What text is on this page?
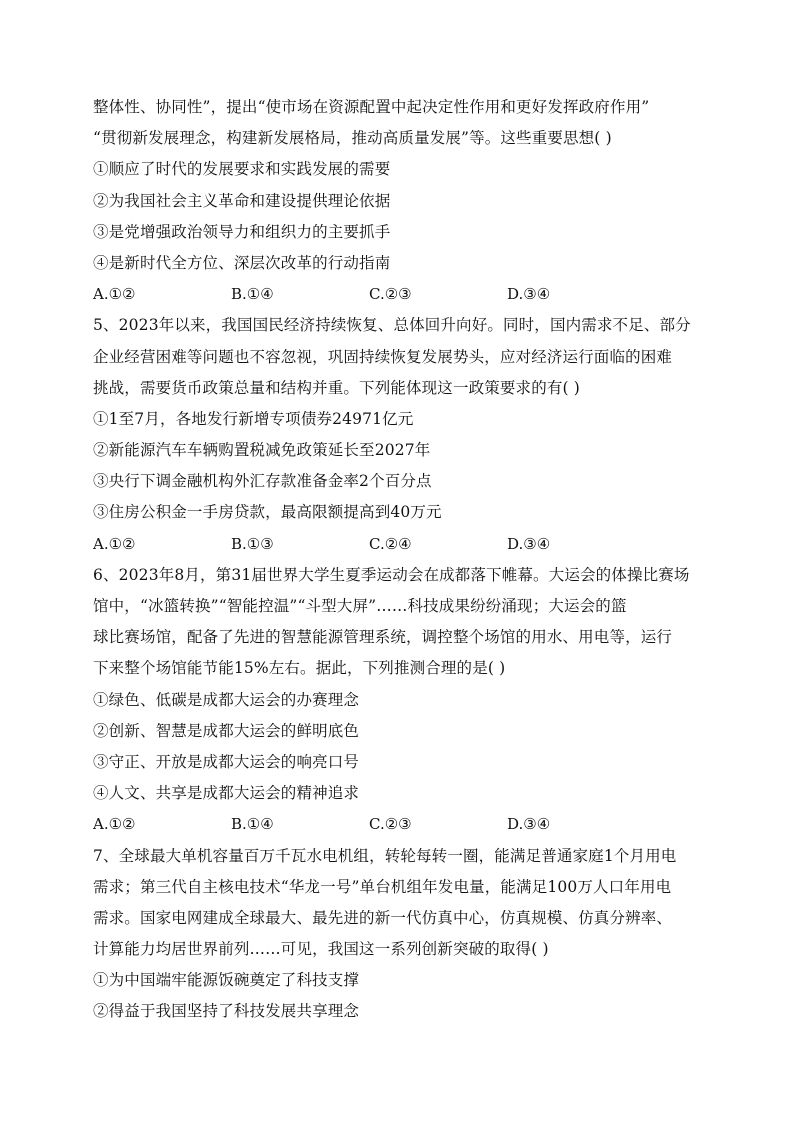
整体性、协同性”，提出“使市场在资源配置中起决定性作用和更好发挥政府作用”
“贯彻新发展理念，构建新发展格局，推动高质量发展”等。这些重要思想( )
①顺应了时代的发展要求和实践发展的需要
②为我国社会主义革命和建设提供理论依据
③是党增强政治领导力和组织力的主要抓手
④是新时代全方位、深层次改革的行动指南
A.①②	B.①④	C.②③	D.③④
5、2023年以来，我国国民经济持续恢复、总体回升向好。同时，国内需求不足、部分
企业经营困难等问题也不容忽视，巩固持续恢复发展势头，应对经济运行面临的困难
挑战，需要货币政策总量和结构并重。下列能体现这一政策要求的有( )
①1至7月，各地发行新增专项债券24971亿元
②新能源汽车车辆购置税减免政策延长至2027年
③央行下调金融机构外汇存款准备金率2个百分点
③住房公积金一手房贷款，最高限额提高到40万元
A.①②	B.①③	C.②④	D.③④
6、2023年8月，第31届世界大学生夏季运动会在成都落下帷幕。大运会的体操比赛场
馆中，“冰篮转换”“智能控温”“斗型大屏”……科技成果纷纷涌现；大运会的篮
球比赛场馆，配备了先进的智慧能源管理系统，调控整个场馆的用水、用电等，运行
下来整个场馆能节能15%左右。据此，下列推测合理的是( )
①绿色、低碳是成都大运会的办赛理念
②创新、智慧是成都大运会的鲜明底色
③守正、开放是成都大运会的响亮口号
④人文、共享是成都大运会的精神追求
A.①②	B.①④	C.②③	D.③④
7、全球最大单机容量百万千瓦水电机组，转轮每转一圈，能满足普通家庭1个月用电
需求；第三代自主核电技术“华龙一号”单台机组年发电量，能满足100万人口年用电
需求。国家电网建成全球最大、最先进的新一代仿真中心，仿真规模、仿真分辨率、
计算能力均居世界前列……可见，我国这一系列创新突破的取得( )
①为中国端牢能源饭碗奠定了科技支撑
②得益于我国坚持了科技发展共享理念
